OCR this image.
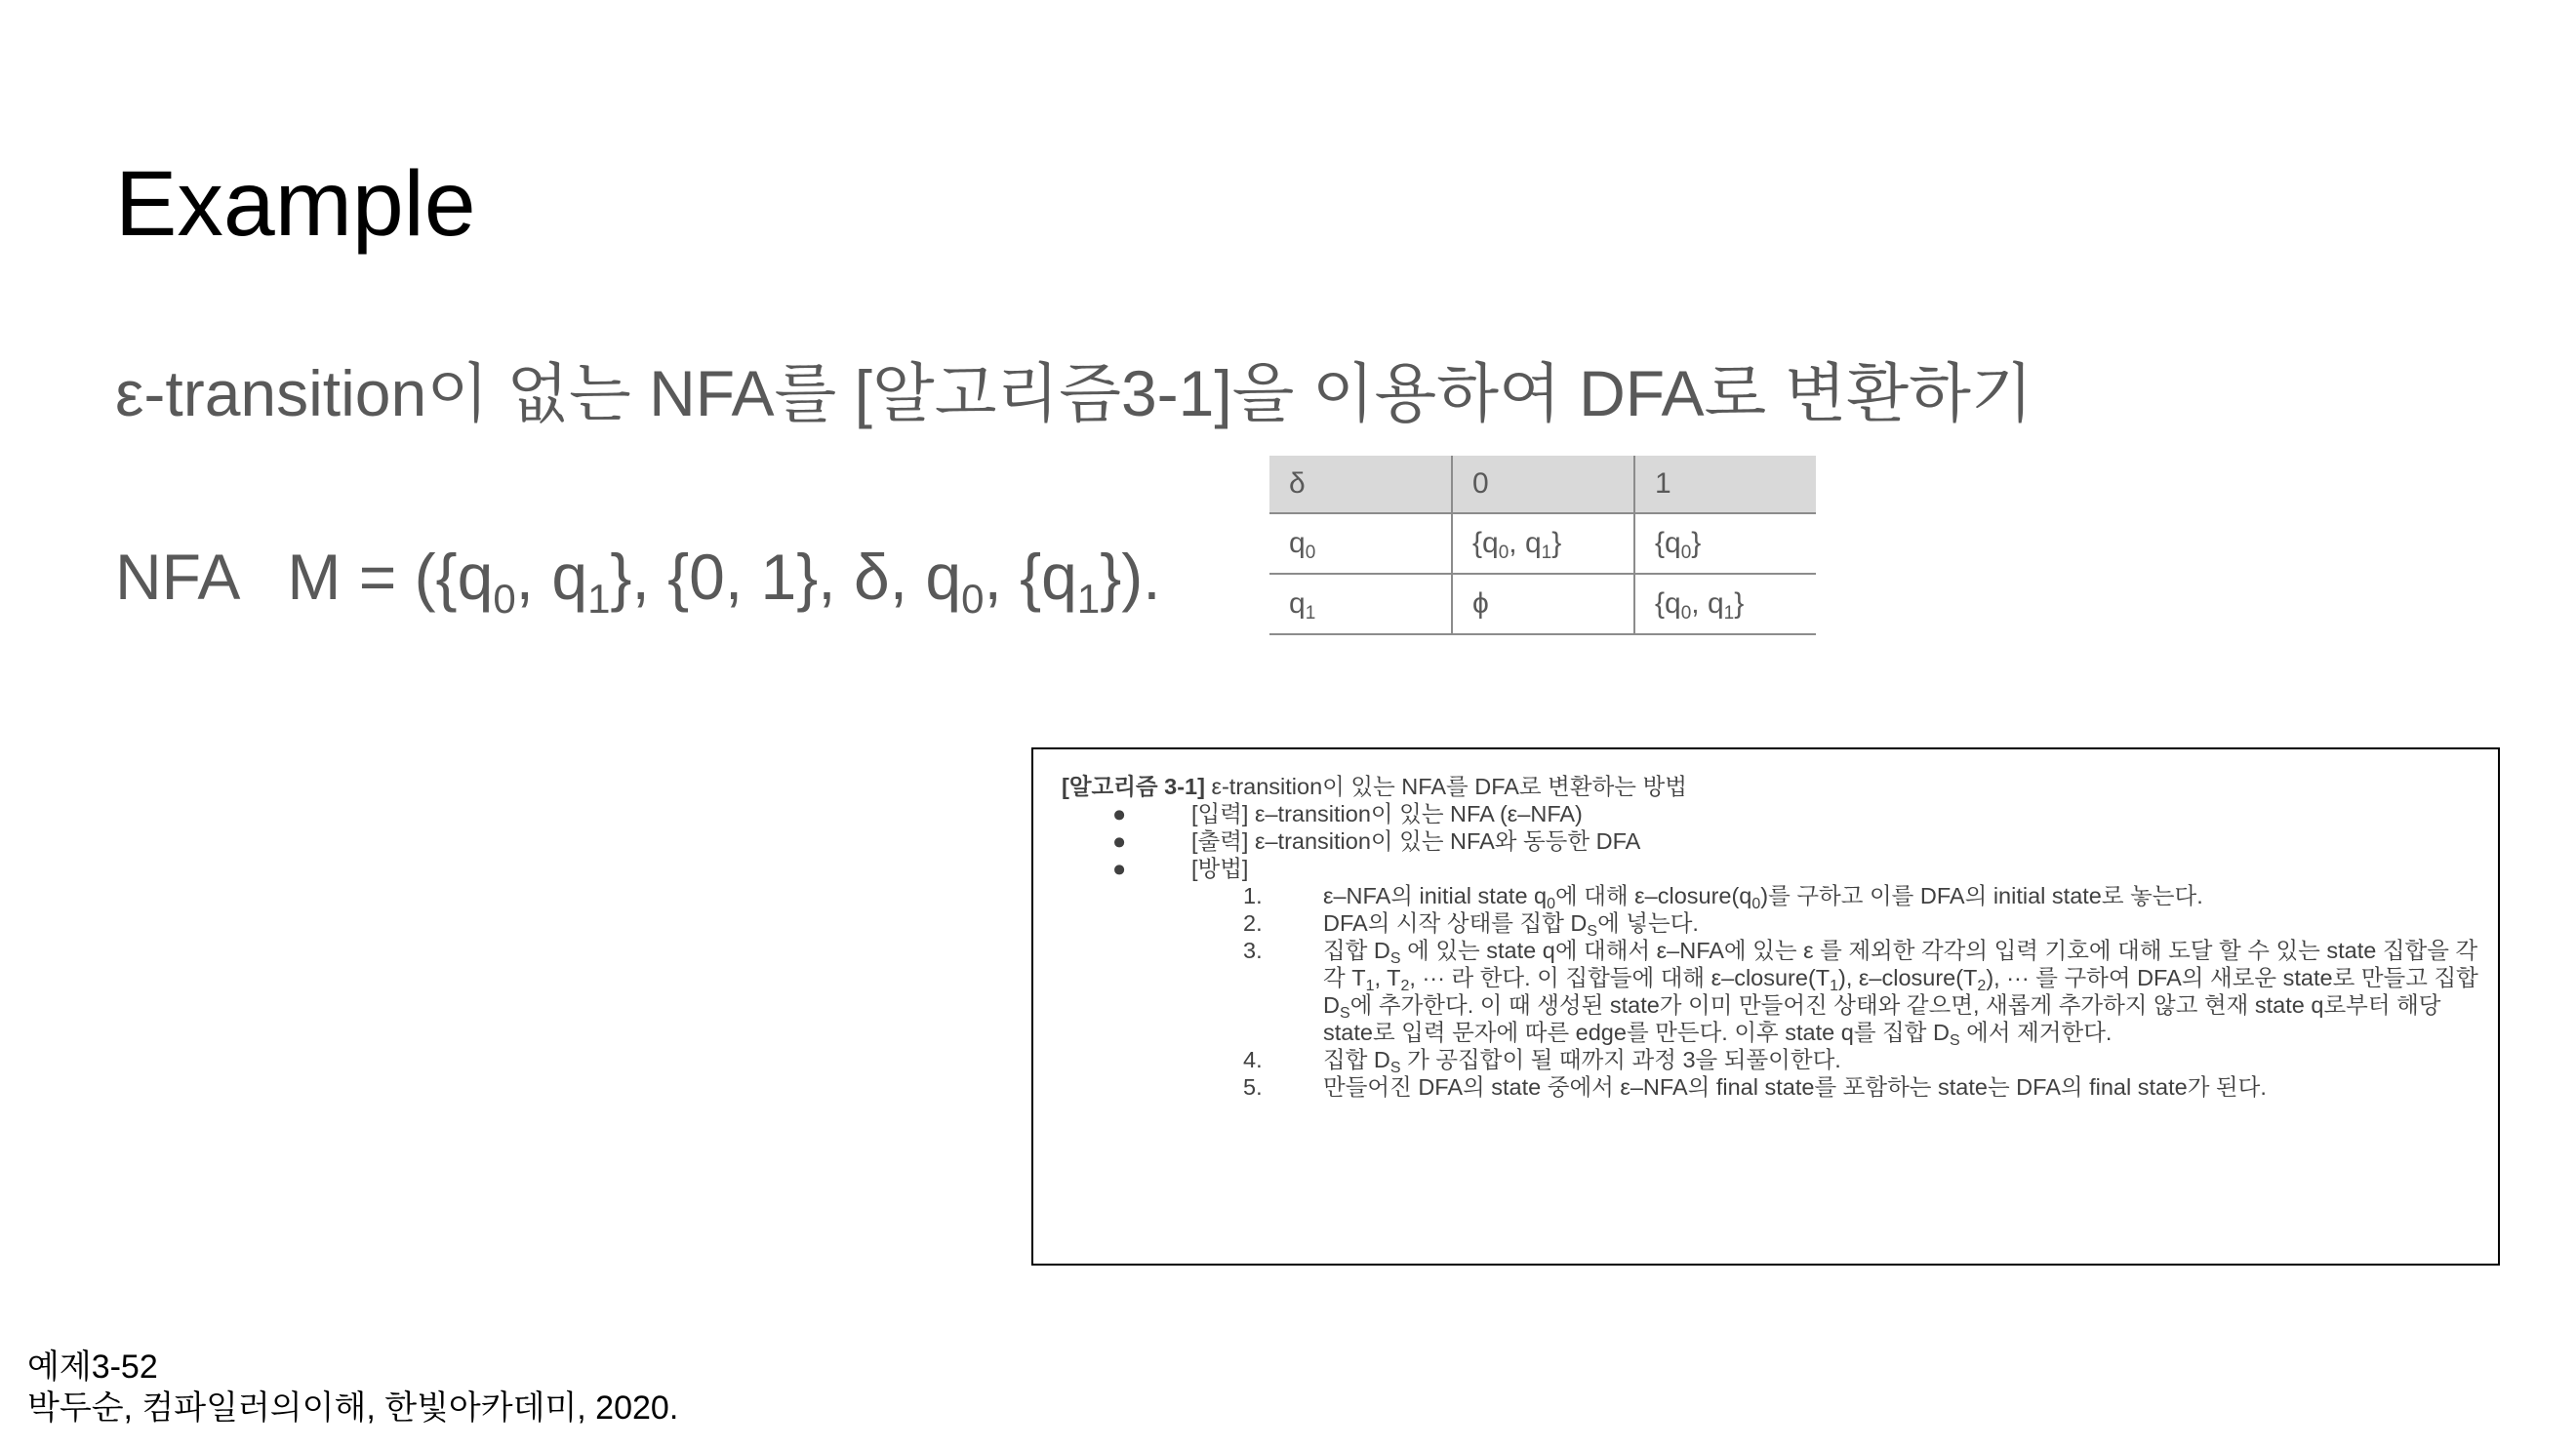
Example
ε-transition이 없는 NFA를 [알고리즘3-1]을 이용하여 DFA로 변환하기
NFA $M = (\{q_0$, $q_1$}, {0, 1}, δ, $q_0$, $\{q_1\}$).
δ	0	1
$q_0$	{$q_0$, $q_1$}	$\{q_0\}$
$q_1$	ϕ	{$q_0$, $q_1$}
[알고리즘 3-1] ε-transition이 있는 NFA를 DFA로 변환하는 방법
●	[입력] ε–transition이 있는 NFA (ε–NFA)
●	[출력] ε–transition이 있는 NFA와 동등한 DFA
●	[방법]
1.	ε–NFA의 initial state $q_0$에 대해 $\varepsilon-closure(q_0)$를 구하고 이를 DFA의 initial state로 놓는다.
2.	DFA의 시작 상태를 집합 $D_S$에 넣는다.
3.	집합 $D_S$ 에 있는 state q에 대해서 ε–NFA에 있는 ε 를 제외한 각각의 입력 기호에 대해 도달 할 수 있는 state 집합을 각각 $T_1$, $T_2$, ··· 라 한다. 이 집합들에 대해 $\varepsilon-closure(T_1)$, $\varepsilon-closure(T_2)$, ··· 를 구하여 DFA의 새로운 state로 만들고 집합 $D_S$에 추가한다. 이 때 생성된 state가 이미 만들어진 상태와 같으면, 새롭게 추가하지 않고 현재 state q로부터 해당 state로 입력 문자에 따른 edge를 만든다. 이후 state q를 집합 $D_S$ 에서 제거한다.
4.	집합 $D_S$ 가 공집합이 될 때까지 과정 3을 되풀이한다.
5.	만들어진 DFA의 state 중에서 ε–NFA의 final state를 포함하는 state는 DFA의 final state가 된다.
예제3-52
박두순, 컴파일러의이해, 한빛아카데미, 2020.
